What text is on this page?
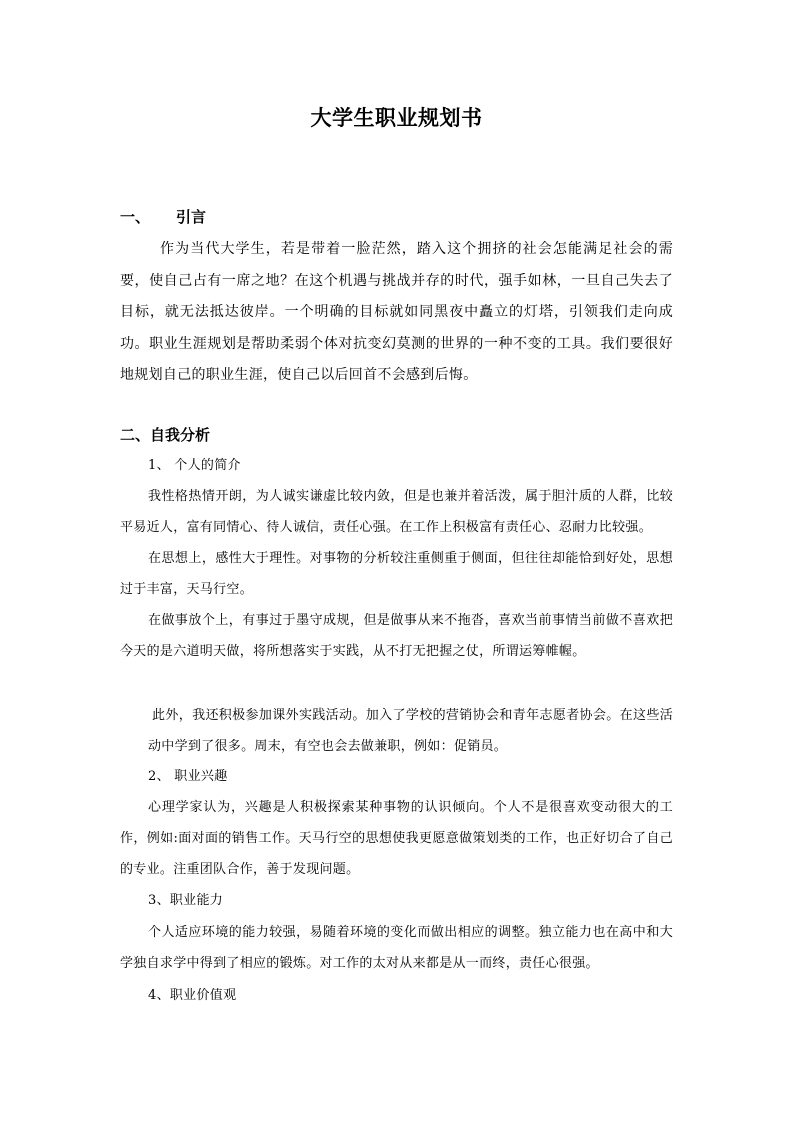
大学生职业规划书
一、 引言
作为当代大学生，若是带着一脸茫然，踏入这个拥挤的社会怎能满足社会的需要，使自己占有一席之地？在这个机遇与挑战并存的时代，强手如林，一旦自己失去了目标，就无法抵达彼岸。一个明确的目标就如同黑夜中矗立的灯塔，引领我们走向成功。职业生涯规划是帮助柔弱个体对抗变幻莫测的世界的一种不变的工具。我们要很好地规划自己的职业生涯，使自己以后回首不会感到后悔。
二、自我分析
1、 个人的简介
我性格热情开朗，为人诚实谦虚比较内敛，但是也兼并着活泼，属于胆汁质的人群，比较平易近人，富有同情心、待人诚信，责任心强。在工作上积极富有责任心、忍耐力比较强。
在思想上，感性大于理性。对事物的分析较注重侧重于侧面，但往往却能恰到好处，思想过于丰富，天马行空。
在做事放个上，有事过于墨守成规，但是做事从来不拖沓，喜欢当前事情当前做不喜欢把今天的是六道明天做，将所想落实于实践，从不打无把握之仗，所谓运筹帷幄。
此外，我还积极参加课外实践活动。加入了学校的营销协会和青年志愿者协会。在这些活动中学到了很多。周末，有空也会去做兼职，例如：促销员。
2、 职业兴趣
心理学家认为，兴趣是人积极探索某种事物的认识倾向。个人不是很喜欢变动很大的工作，例如:面对面的销售工作。天马行空的思想使我更愿意做策划类的工作，也正好切合了自己的专业。注重团队合作，善于发现问题。
3、职业能力
个人适应环境的能力较强，易随着环境的变化而做出相应的调整。独立能力也在高中和大学独自求学中得到了相应的锻炼。对工作的太对从来都是从一而终，责任心很强。
4、职业价值观
